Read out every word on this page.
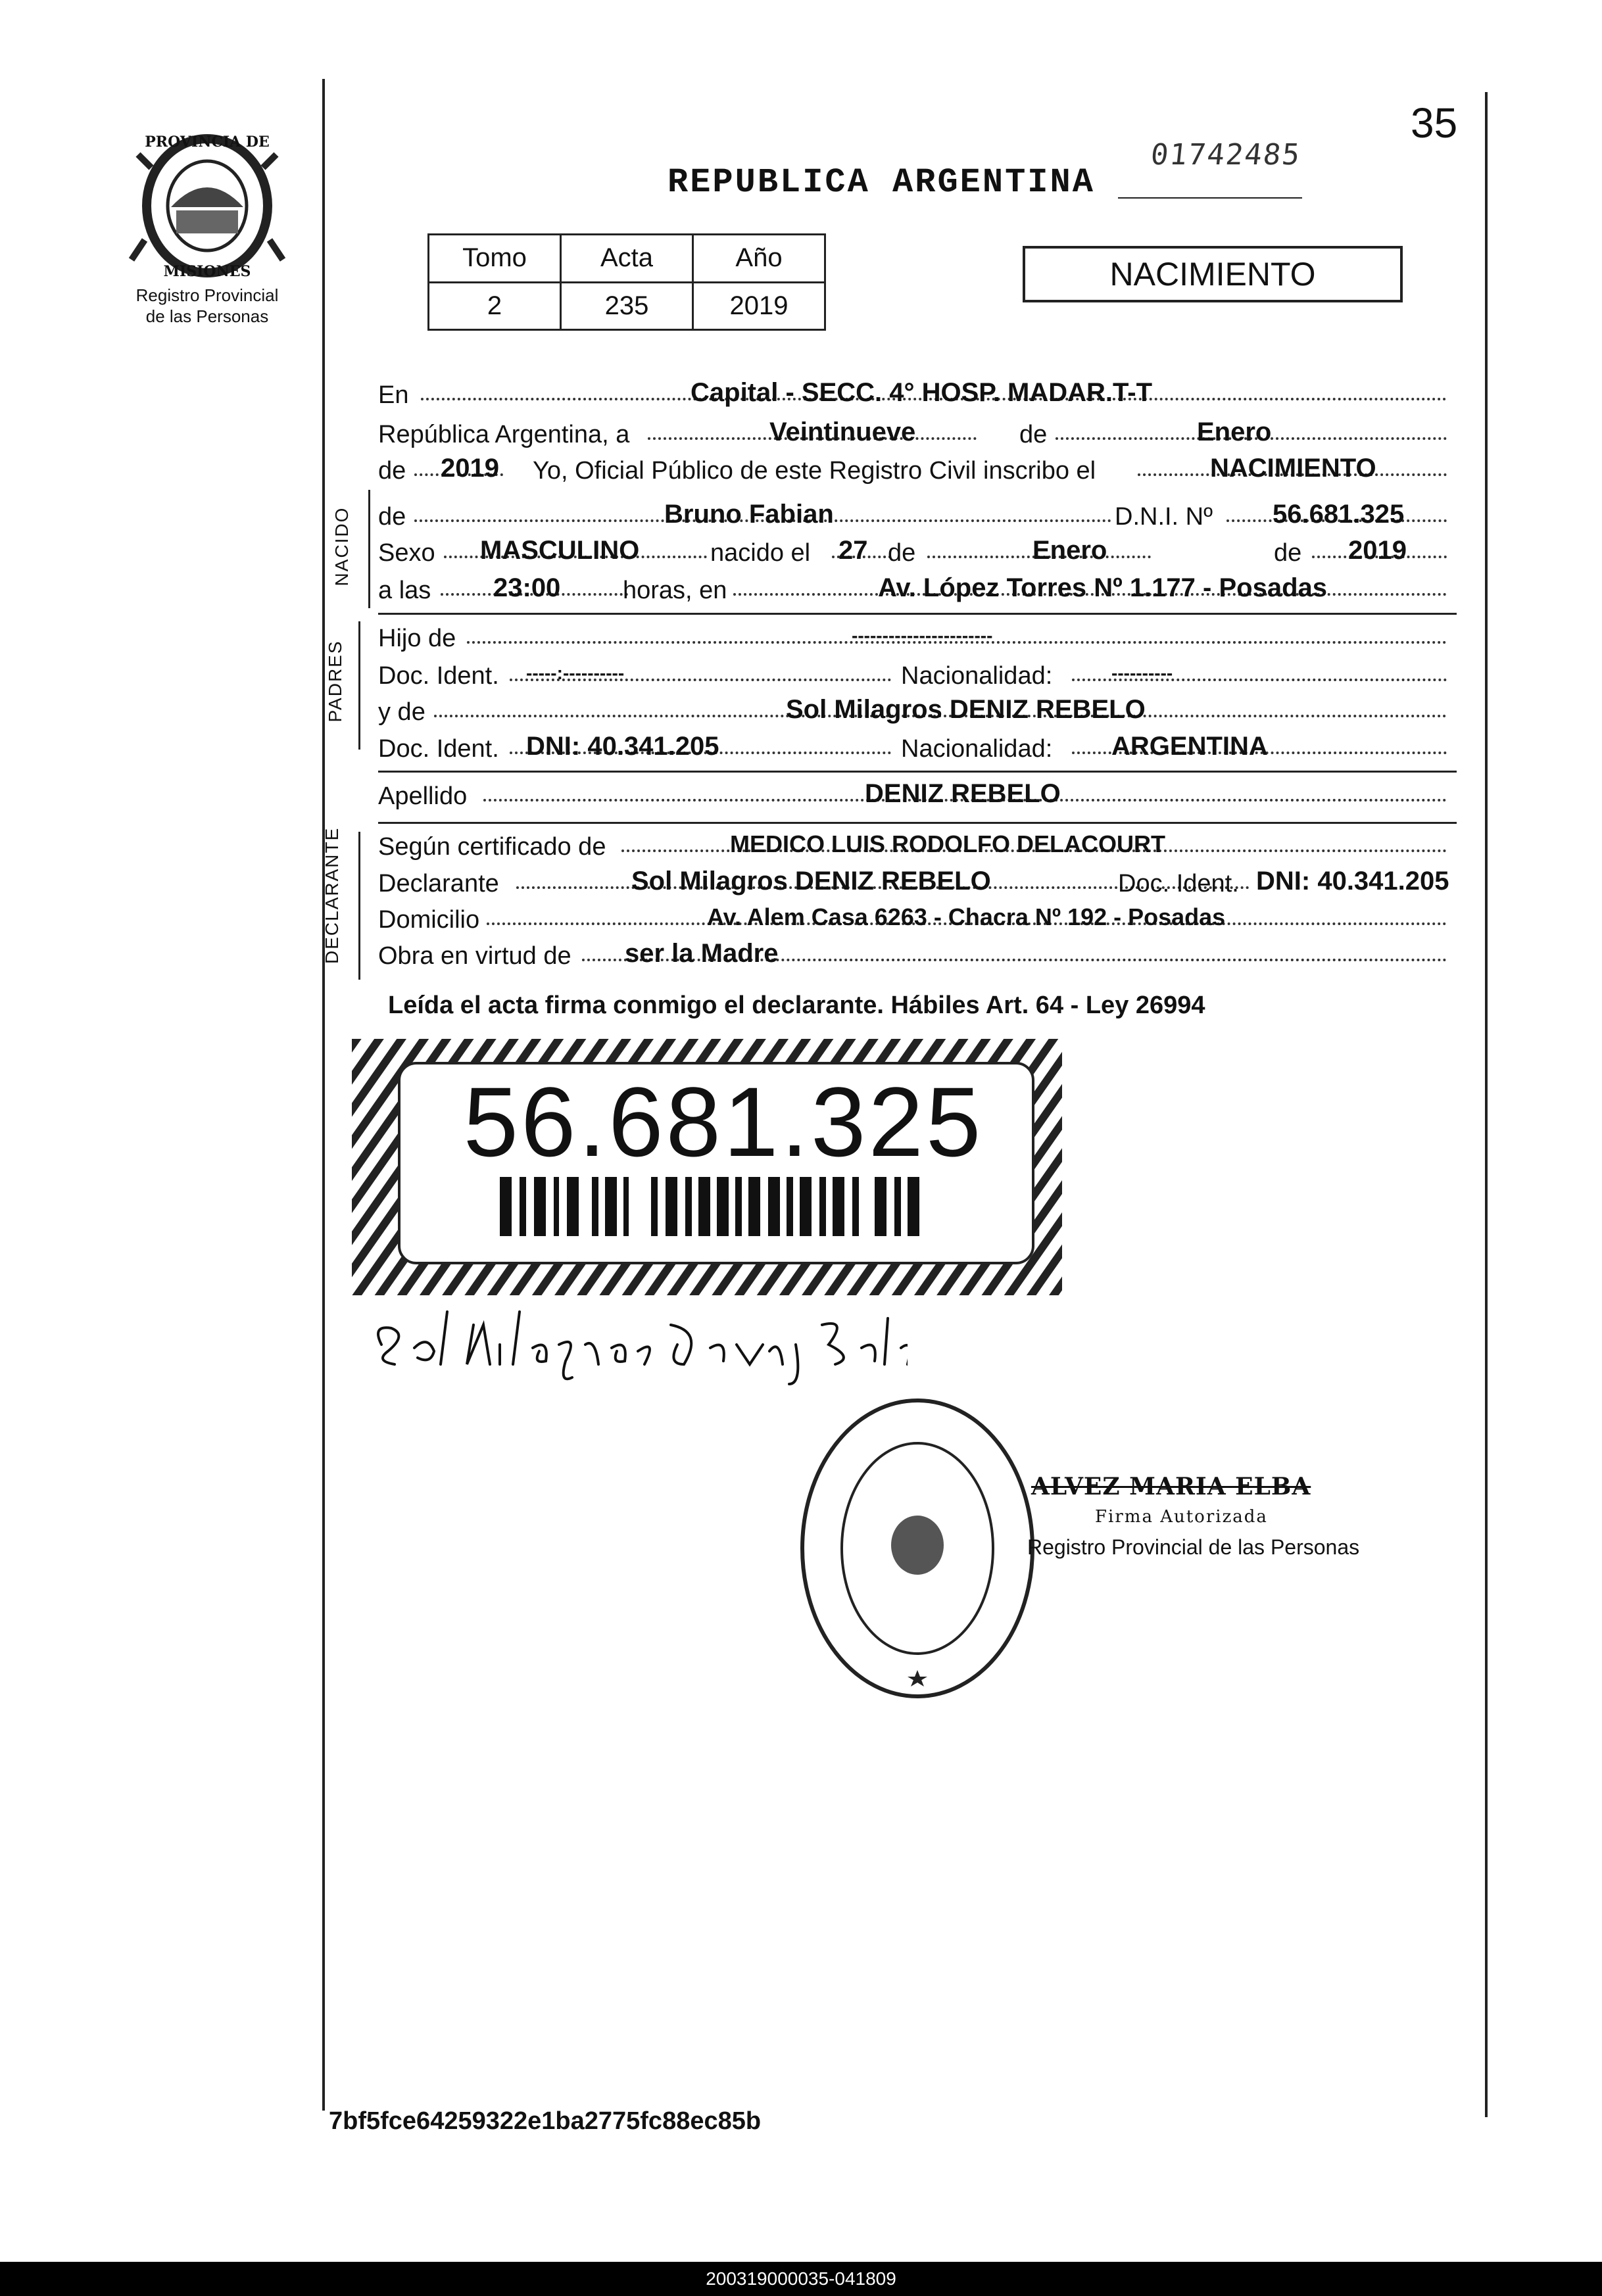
35
01742485
REPUBLICA ARGENTINA
PROVINCIA DE
MISIONES
Registro Provincial
de las Personas
Tomo	Acta	Año
2	235	2019
NACIMIENTO
En	Capital - SECC. 4° HOSP. MADAR.T-T
República Argentina, a	Veintinueve	de	Enero
de 2019 Yo, Oficial Público de este Registro Civil inscribo el	NACIMIENTO
NACIDO de	Bruno Fabian	D.N.I. Nº 56.681.325
Sexo MASCULINO	nacido el 27 de	Enero	de 2019
a las 23:00 horas, en	Av. López Torres Nº 1.177 - Posadas
PADRES
Hijo de	-----------------------
Doc. Ident. -----:----------	Nacionalidad:	----------
y de	Sol Milagros DENIZ REBELO
Doc. Ident. DNI: 40.341.205	Nacionalidad: ARGENTINA
Apellido	DENIZ REBELO
DECLARANTE Según certificado de	MEDICO LUIS RODOLFO DELACOURT
Declarante	Sol Milagros DENIZ REBELO	Doc. Ident. DNI: 40.341.205
Domicilio	Av. Alem Casa 6263 - Chacra Nº 192 - Posadas
Obra en virtud de ser la Madre
Leída el acta firma conmigo el declarante. Hábiles Art. 64 - Ley 26994
56.681.325
ALVEZ MARIA ELBA
Firma Autorizada
Registro Provincial de las Personas
7bf5fce64259322e1ba2775fc88ec85b
200319000035-041809
